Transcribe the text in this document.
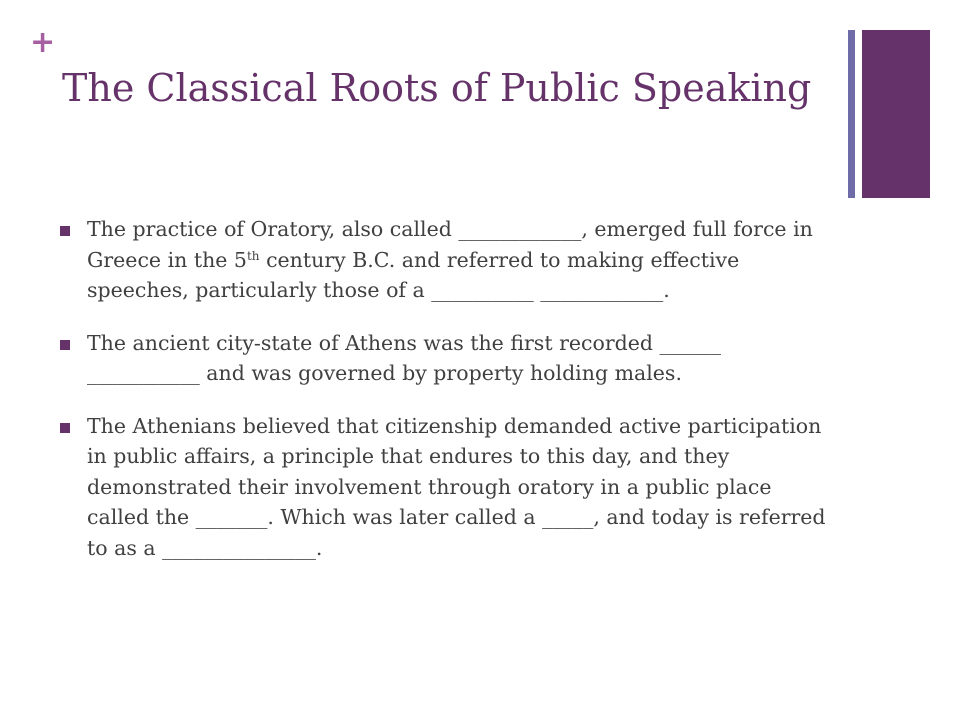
+
The Classical Roots of Public Speaking
The practice of Oratory, also called ____________, emerged full force in Greece in the 5th century B.C. and referred to making effective speeches, particularly those of a __________ ____________.
The ancient city-state of Athens was the first recorded ______ ___________ and was governed by property holding males.
The Athenians believed that citizenship demanded active participation in public affairs, a principle that endures to this day, and they demonstrated their involvement through oratory in a public place called the _______. Which was later called a _____, and today is referred to as a _______________.
